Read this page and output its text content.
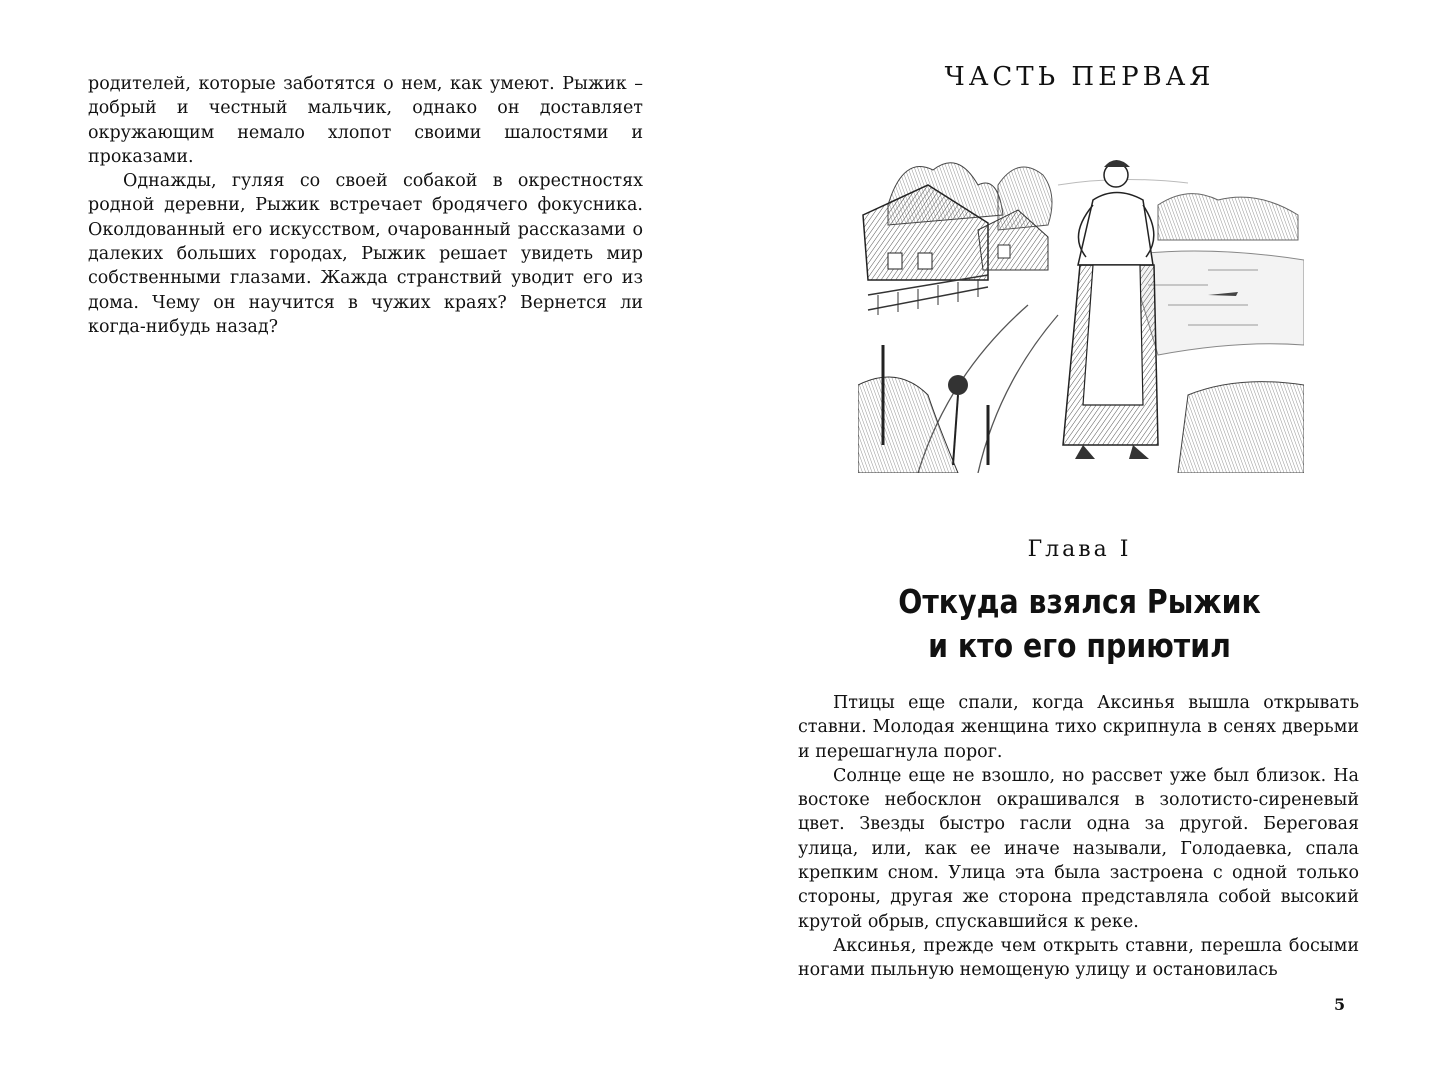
родителей, которые заботятся о нем, как умеют. Рыжик – добрый и честный мальчик, однако он доставляет окружающим немало хлопот своими шалостями и проказами.

Однажды, гуляя со своей собакой в окрестностях родной деревни, Рыжик встречает бродячего фокусника. Околдованный его искусством, очарованный рассказами о далеких больших городах, Рыжик решает увидеть мир собственными глазами. Жажда странствий уводит его из дома. Чему он научится в чужих краях? Вернется ли когда-нибудь назад?

ЧАСТЬ ПЕРВАЯ

Глава I

Откуда взялся Рыжик
и кто его приютил

Птицы еще спали, когда Аксинья вышла открывать ставни. Молодая женщина тихо скрипнула в сенях дверьми и перешагнула порог.

Солнце еще не взошло, но рассвет уже был близок. На востоке небосклон окрашивался в золотисто-сиреневый цвет. Звезды быстро гасли одна за другой. Береговая улица, или, как ее иначе называли, Голодаевка, спала крепким сном. Улица эта была застроена с одной только стороны, другая же сторона представляла собой высокий крутой обрыв, спускавшийся к реке.

Аксинья, прежде чем открыть ставни, перешла босыми ногами пыльную немощеную улицу и остановилась

5
